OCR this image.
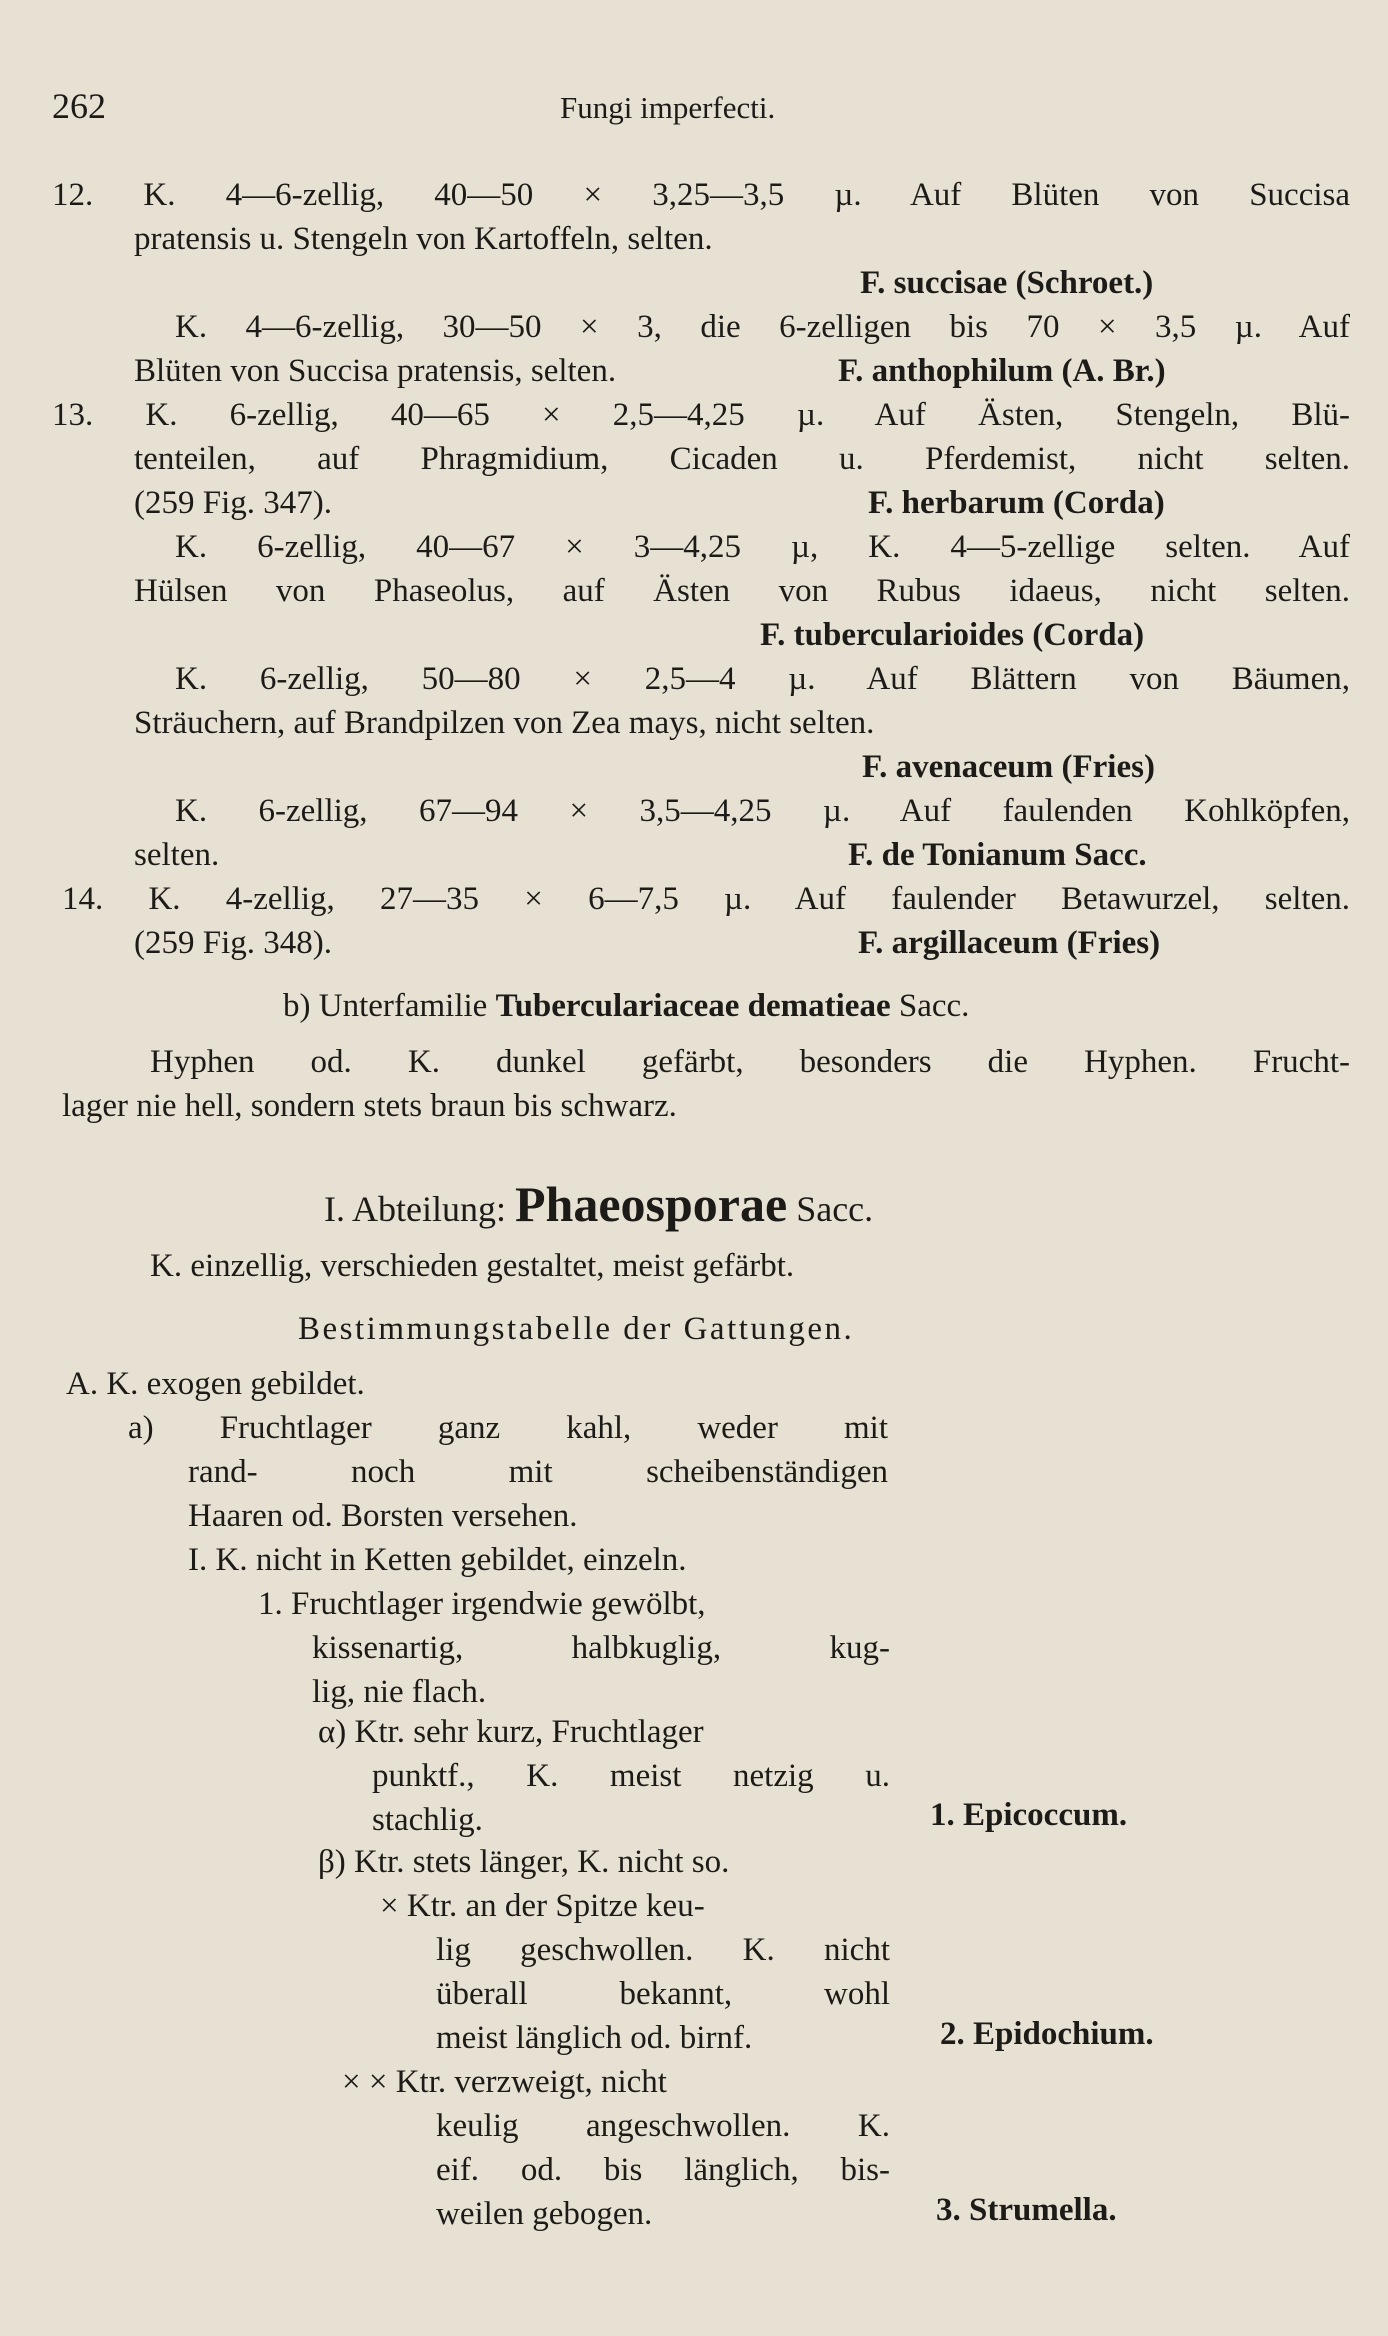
262	Fungi imperfecti.
12. K. 4—6-zellig, 40—50 × 3,25—3,5 µ. Auf Blüten von Succisa
pratensis u. Stengeln von Kartoffeln, selten.
F. succisae (Schroet.)
K. 4—6-zellig, 30—50 × 3, die 6-zelligen bis 70 × 3,5 µ. Auf
Blüten von Succisa pratensis, selten.	F. anthophilum (A. Br.)
13. K. 6-zellig, 40—65 × 2,5—4,25 µ. Auf Ästen, Stengeln, Blü-
tenteilen, auf Phragmidium, Cicaden u. Pferdemist, nicht selten.
(259 Fig. 347).	F. herbarum (Corda)
K. 6-zellig, 40—67 × 3—4,25 µ, K. 4—5-zellige selten. Auf
Hülsen von Phaseolus, auf Ästen von Rubus idaeus, nicht selten.
F. tubercularioides (Corda)
K. 6-zellig, 50—80 × 2,5—4 µ. Auf Blättern von Bäumen,
Sträuchern, auf Brandpilzen von Zea mays, nicht selten.
F. avenaceum (Fries)
K. 6-zellig, 67—94 × 3,5—4,25 µ. Auf faulenden Kohlköpfen,
selten.	F. de Tonianum Sacc.
14. K. 4-zellig, 27—35 × 6—7,5 µ. Auf faulender Betawurzel, selten.
(259 Fig. 348).	F. argillaceum (Fries)
b) Unterfamilie Tuberculariaceae dematieae Sacc.
Hyphen od. K. dunkel gefärbt, besonders die Hyphen. Frucht-
lager nie hell, sondern stets braun bis schwarz.
I. Abteilung: Phaeosporae Sacc.
K. einzellig, verschieden gestaltet, meist gefärbt.
Bestimmungstabelle der Gattungen.
A. K. exogen gebildet.
a) Fruchtlager ganz kahl, weder mit
rand- noch mit scheibenständigen
Haaren od. Borsten versehen.
I. K. nicht in Ketten gebildet, einzeln.
1. Fruchtlager irgendwie gewölbt,
kissenartig, halbkuglig, kug-
lig, nie flach.
α) Ktr. sehr kurz, Fruchtlager
punktf., K. meist netzig u.
stachlig.	1. Epicoccum.
β) Ktr. stets länger, K. nicht so.
× Ktr. an der Spitze keu-
lig geschwollen. K. nicht
überall bekannt, wohl
meist länglich od. birnf.	2. Epidochium.
× × Ktr. verzweigt, nicht
keulig angeschwollen. K.
eif. od. bis länglich, bis-
weilen gebogen.	3. Strumella.
